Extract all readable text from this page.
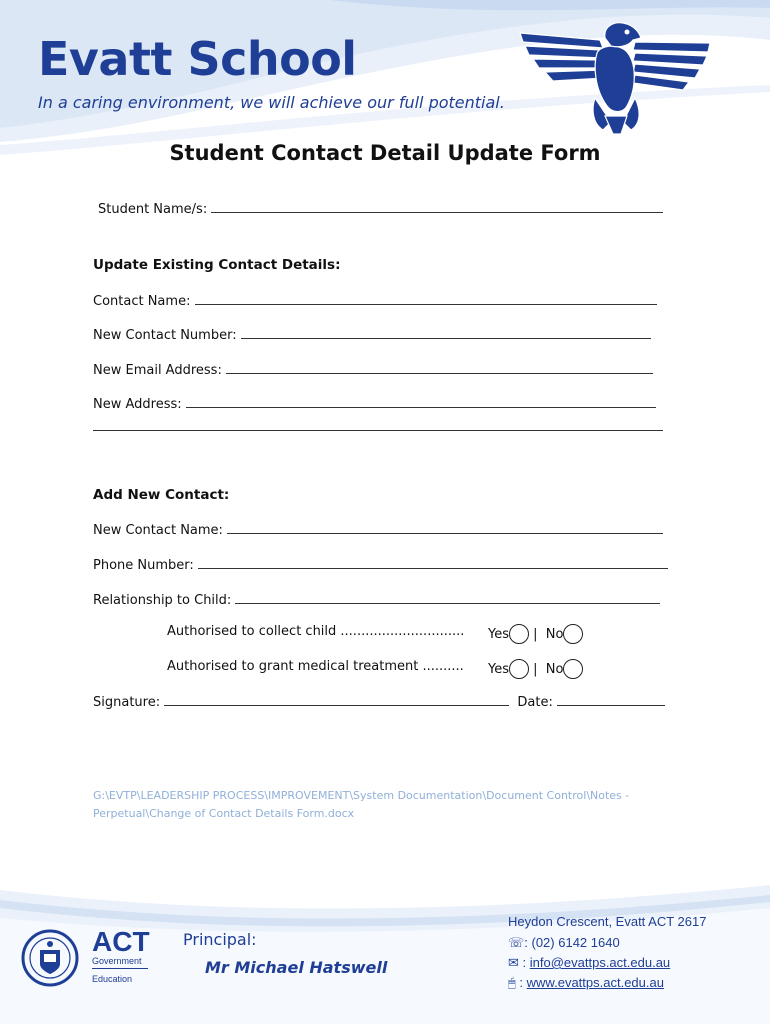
Evatt School
In a caring environment, we will achieve our full potential.
Student Contact Detail Update Form
Student Name/s:
Update Existing Contact Details:
Contact Name:
New Contact Number:
New Email Address:
New Address:
Add New Contact:
New Contact Name:
Phone Number:
Relationship to Child:
Authorised to collect child .............................. Yes | No
Authorised to grant medical treatment .......... Yes | No
Signature:	Date:
G:\EVTP\LEADERSHIP PROCESS\IMPROVEMENT\System Documentation\Document Control\Notes - Perpetual\Change of Contact Details Form.docx
ACT
Government
Education
Principal:
Mr Michael Hatswell
Heydon Crescent, Evatt ACT 2617
☏: (02) 6142 1640
✉ : info@evattps.act.edu.au
🖱 : www.evattps.act.edu.au
